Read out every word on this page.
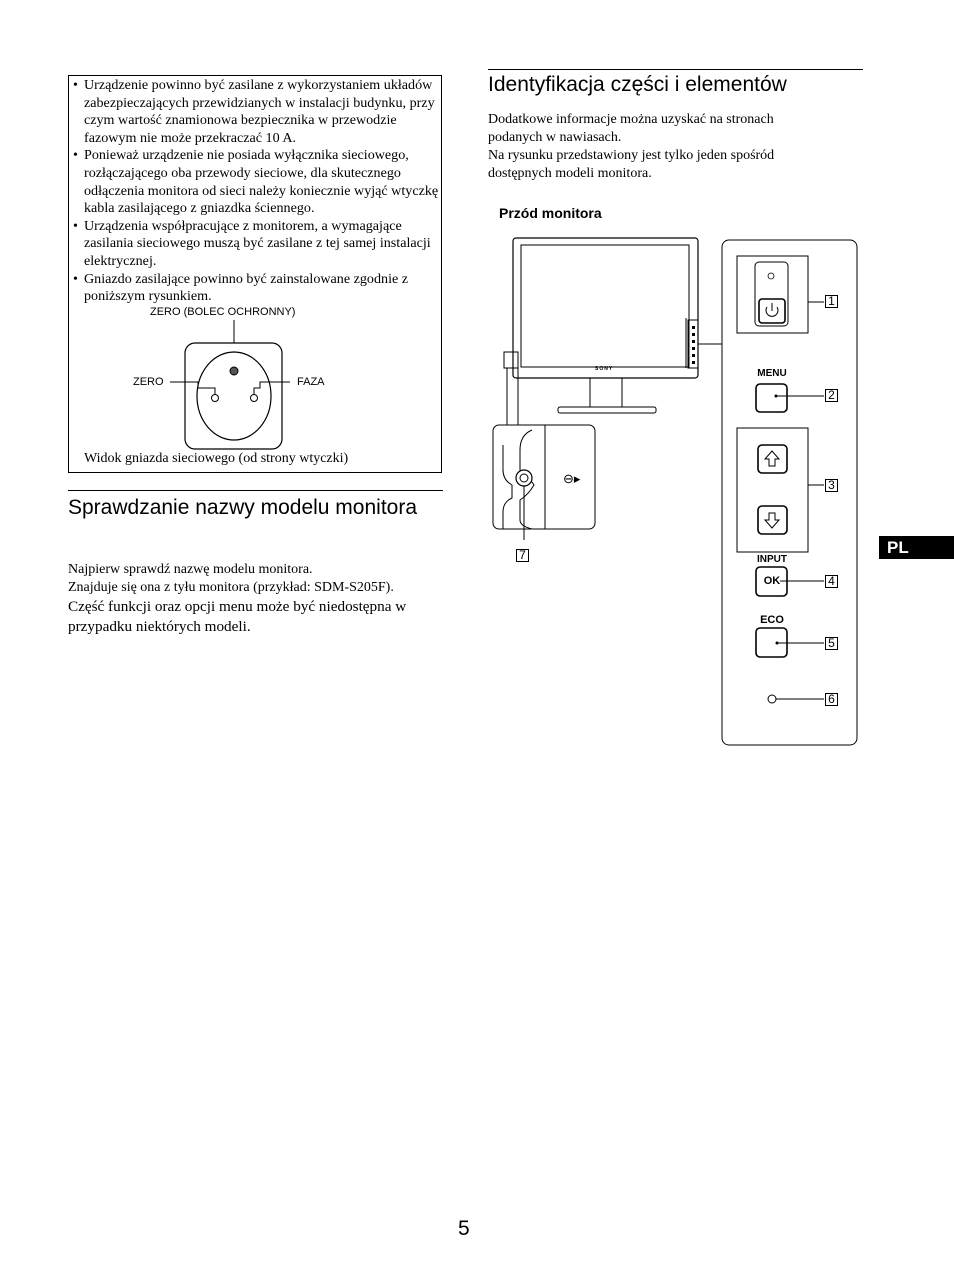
• Urządzenie powinno być zasilane z wykorzystaniem układów zabezpieczających przewidzianych w instalacji budynku, przy czym wartość znamionowa bezpiecznika w przewodzie fazowym nie może przekraczać 10 A.
• Ponieważ urządzenie nie posiada wyłącznika sieciowego, rozłączającego oba przewody sieciowe, dla skutecznego odłączenia monitora od sieci należy koniecznie wyjąć wtyczkę kabla zasilającego z gniazdka ściennego.
• Urządzenia współpracujące z monitorem, a wymagające zasilania sieciowego muszą być zasilane z tej samej instalacji elektrycznej.
• Gniazdo zasilające powinno być zainstalowane zgodnie z poniższym rysunkiem.
ZERO (BOLEC OCHRONNY)
ZERO	FAZA
Widok gniazda sieciowego (od strony wtyczki)
Sprawdzanie nazwy modelu monitora
Najpierw sprawdź nazwę modelu monitora.
Znajduje się ona z tyłu monitora (przykład: SDM-S205F).
Część funkcji oraz opcji menu może być niedostępna w przypadku niektórych modeli.
Identyfikacja części i elementów
Dodatkowe informacje można uzyskać na stronach podanych w nawiasach.
Na rysunku przedstawiony jest tylko jeden spośród dostępnych modeli monitora.
Przód monitora
SONY
⊖▸
MENU
INPUT
OK
ECO
1
2
3
4
5
6
7	PL
5
